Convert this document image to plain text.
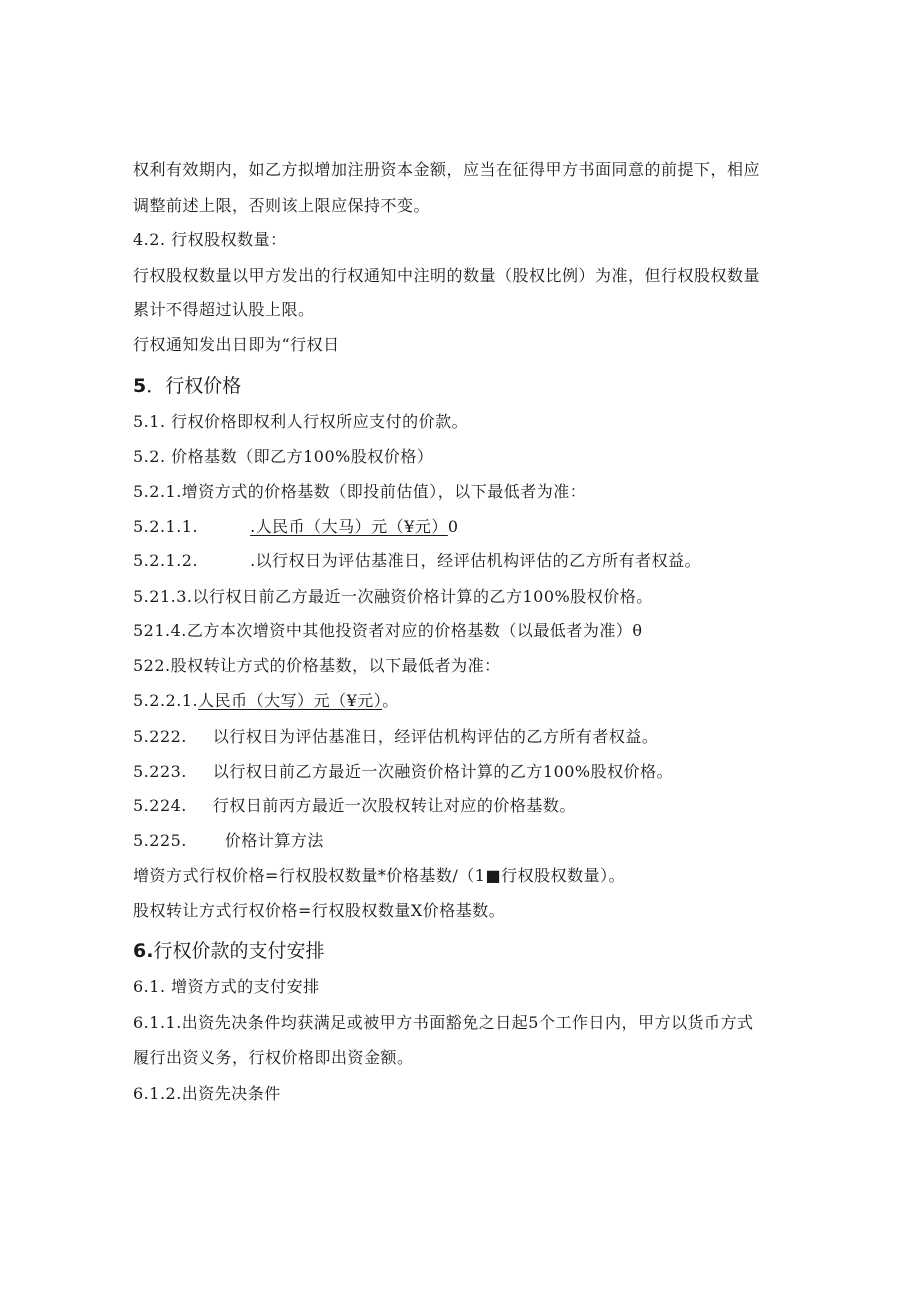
权利有效期内，如乙方拟增加注册资本金额，应当在征得甲方书面同意的前提下，相应
调整前述上限，否则该上限应保持不变。
4.2. 行权股权数量：
行权股权数量以甲方发出的行权通知中注明的数量（股权比例）为准，但行权股权数量
累计不得超过认股上限。
行权通知发出日即为“行权日
5．行权价格
5.1. 行权价格即权利人行权所应支付的价款。
5.2. 价格基数（即乙方100%股权价格）
5.2.1.增资方式的价格基数（即投前估值），以下最低者为准：
5.2.1.1.	.人民币（大马）元（¥元）0
5.2.1.2.	.以行权日为评估基准日，经评估机构评估的乙方所有者权益。
5.21.3.以行权日前乙方最近一次融资价格计算的乙方100%股权价格。
521.4.乙方本次增资中其他投资者对应的价格基数（以最低者为准）θ
522.股权转让方式的价格基数，以下最低者为准：
5.2.2.1.人民币（大写）元（¥元）。
5.222. 以行权日为评估基准日，经评估机构评估的乙方所有者权益。
5.223. 以行权日前乙方最近一次融资价格计算的乙方100%股权价格。
5.224. 行权日前丙方最近一次股权转让对应的价格基数。
5.225. 价格计算方法
增资方式行权价格=行权股权数量*价格基数/（1■行权股权数量）。
股权转让方式行权价格=行权股权数量X价格基数。
6.行权价款的支付安排
6.1. 增资方式的支付安排
6.1.1.出资先决条件均获满足或被甲方书面豁免之日起5个工作日内，甲方以货币方式
履行出资义务，行权价格即出资金额。
6.1.2.出资先决条件
